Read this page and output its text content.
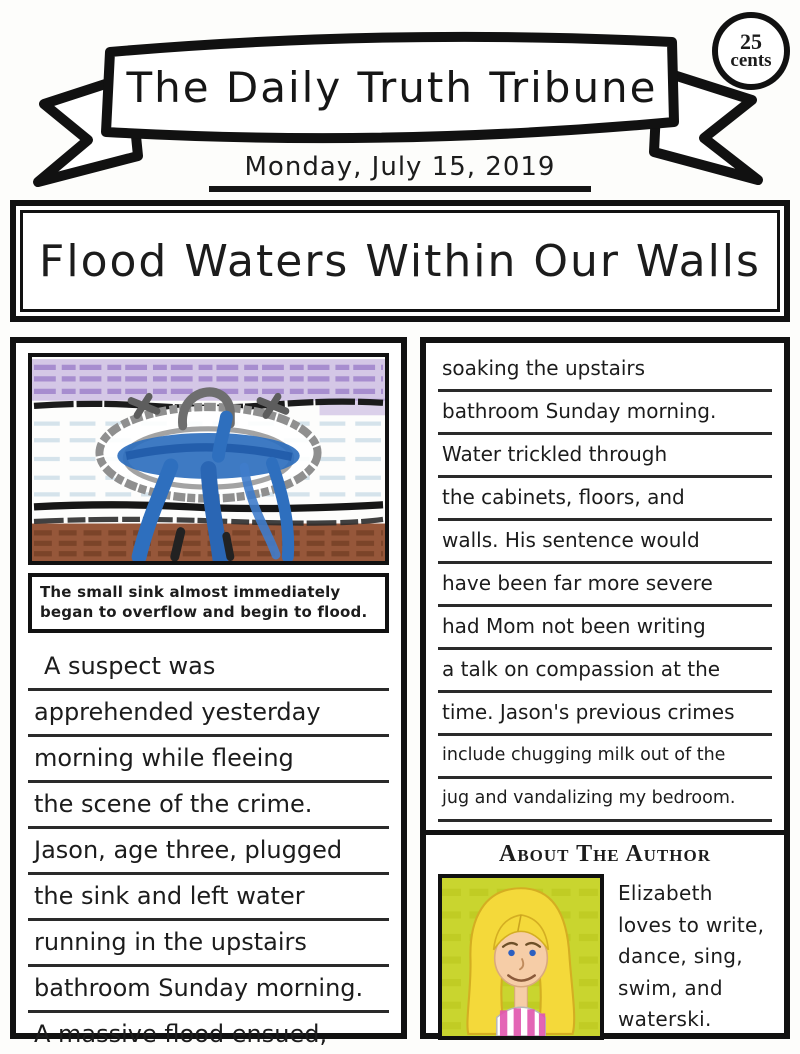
The Daily Truth Tribune
25
cents
Monday, July 15, 2019
Flood Waters Within Our Walls
The small sink almost immediately
began to overflow and begin to flood.
A suspect was
apprehended yesterday
morning while fleeing
the scene of the crime.
Jason, age three, plugged
the sink and left water
running in the upstairs
bathroom Sunday morning.
A massive flood ensued,
soaking the upstairs
bathroom Sunday morning.
Water trickled through
the cabinets, floors, and
walls. His sentence would
have been far more severe
had Mom not been writing
a talk on compassion at the
time. Jason's previous crimes
include chugging milk out of the
jug and vandalizing my bedroom.
About The Author
Elizabeth
loves to write,
dance, sing,
swim, and
waterski.
